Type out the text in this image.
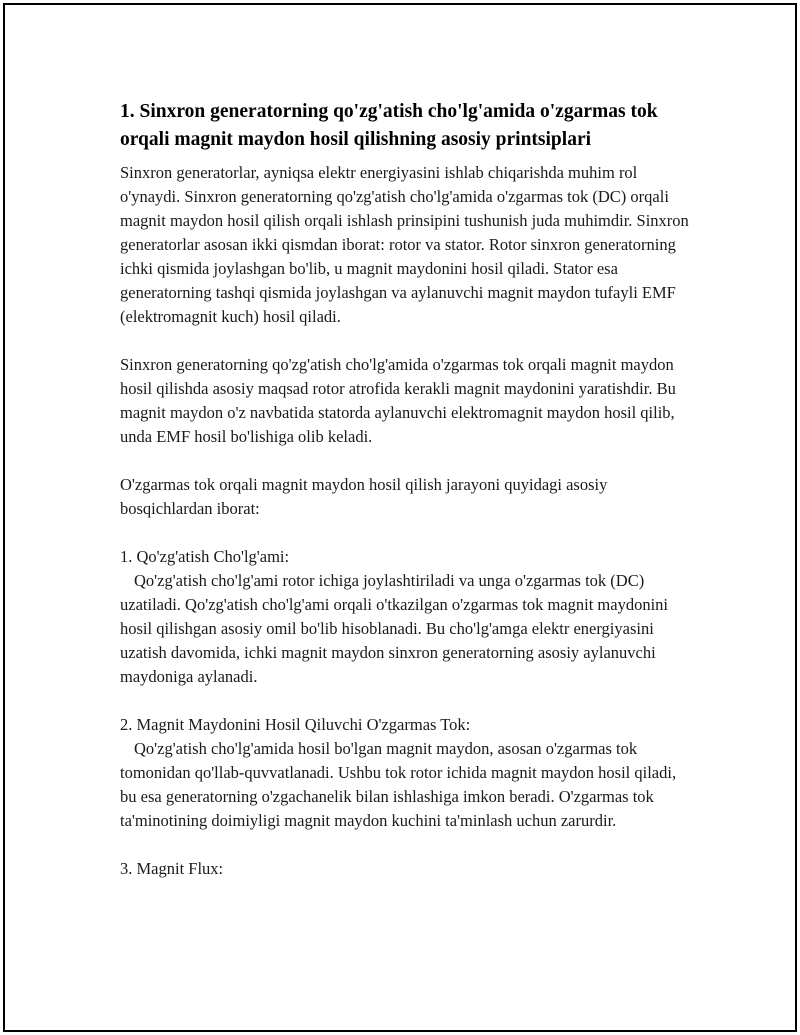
1. Sinxron generatorning qo'zg'atish cho'lg'amida o'zgarmas tok orqali magnit maydon hosil qilishning asosiy printsiplari

Sinxron generatorlar, ayniqsa elektr energiyasini ishlab chiqarishda muhim rol o'ynaydi. Sinxron generatorning qo'zg'atish cho'lg'amida o'zgarmas tok (DC) orqali magnit maydon hosil qilish orqali ishlash prinsipini tushunish juda muhimdir. Sinxron generatorlar asosan ikki qismdan iborat: rotor va stator. Rotor sinxron generatorning ichki qismida joylashgan bo'lib, u magnit maydonini hosil qiladi. Stator esa generatorning tashqi qismida joylashgan va aylanuvchi magnit maydon tufayli EMF (elektromagnit kuch) hosil qiladi.

Sinxron generatorning qo'zg'atish cho'lg'amida o'zgarmas tok orqali magnit maydon hosil qilishda asosiy maqsad rotor atrofida kerakli magnit maydonini yaratishdir. Bu magnit maydon o'z navbatida statorda aylanuvchi elektromagnit maydon hosil qilib, unda EMF hosil bo'lishiga olib keladi.

O'zgarmas tok orqali magnit maydon hosil qilish jarayoni quyidagi asosiy bosqichlardan iborat:

1. Qo'zg'atish Cho'lg'ami:

Qo'zg'atish cho'lg'ami rotor ichiga joylashtiriladi va unga o'zgarmas tok (DC) uzatiladi. Qo'zg'atish cho'lg'ami orqali o'tkazilgan o'zgarmas tok magnit maydonini hosil qilishgan asosiy omil bo'lib hisoblanadi. Bu cho'lg'amga elektr energiyasini uzatish davomida, ichki magnit maydon sinxron generatorning asosiy aylanuvchi maydoniga aylanadi.

2. Magnit Maydonini Hosil Qiluvchi O'zgarmas Tok:

Qo'zg'atish cho'lg'amida hosil bo'lgan magnit maydon, asosan o'zgarmas tok tomonidan qo'llab-quvvatlanadi. Ushbu tok rotor ichida magnit maydon hosil qiladi, bu esa generatorning o'zgachanelik bilan ishlashiga imkon beradi. O'zgarmas tok ta'minotining doimiyligi magnit maydon kuchini ta'minlash uchun zarurdir.

3. Magnit Flux:
